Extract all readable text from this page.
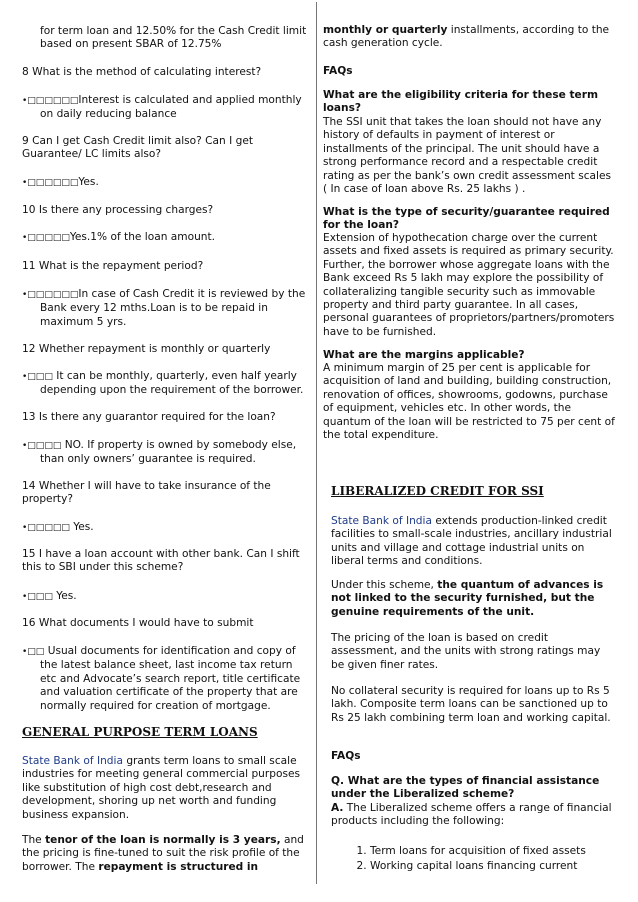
for term loan and 12.50% for the Cash Credit limit based on present SBAR of 12.75%

8 What is the method of calculating interest?

•□□□□□□Interest is calculated and applied monthly on daily reducing balance

9 Can I get Cash Credit limit also? Can I get Guarantee/ LC limits also?

•□□□□□□Yes.

10 Is there any processing charges?

•□□□□□Yes.1% of the loan amount.

11 What is the repayment period?

•□□□□□□In case of Cash Credit it is reviewed by the Bank every 12 mths.Loan is to be repaid in maximum 5 yrs.

12 Whether repayment is monthly or quarterly

•□□□ It can be monthly, quarterly, even half yearly depending upon the requirement of the borrower.

13 Is there any guarantor required for the loan?

•□□□□ NO. If property is owned by somebody else, than only owners’ guarantee is required.

14 Whether I will have to take insurance of the property?

•□□□□□ Yes.

15 I have a loan account with other bank. Can I shift this to SBI under this scheme?

•□□□ Yes.

16 What documents I would have to submit

•□□ Usual documents for identification and copy of the latest balance sheet, last income tax return etc and Advocate’s search report, title certificate and valuation certificate of the property that are normally required for creation of mortgage.

GENERAL PURPOSE TERM LOANS

State Bank of India grants term loans to small scale industries for meeting general commercial purposes like substitution of high cost debt,research and development, shoring up net worth and funding business expansion.

The tenor of the loan is normally is 3 years, and the pricing is fine-tuned to suit the risk profile of the borrower. The repayment is structured in

monthly or quarterly installments, according to the cash generation cycle.

FAQs

What are the eligibility criteria for these term loans?

The SSI unit that takes the loan should not have any history of defaults in payment of interest or installments of the principal. The unit should have a strong performance record and a respectable credit rating as per the bank’s own credit assessment scales ( In case of loan above Rs. 25 lakhs ) .

What is the type of security/guarantee required for the loan?

Extension of hypothecation charge over the current assets and fixed assets is required as primary security. Further, the borrower whose aggregate loans with the Bank exceed Rs 5 lakh may explore the possibility of collateralizing tangible security such as immovable property and third party guarantee. In all cases, personal guarantees of proprietors/partners/promoters have to be furnished.

What are the margins applicable?

A minimum margin of 25 per cent is applicable for acquisition of land and building, building construction, renovation of offices, showrooms, godowns, purchase of equipment, vehicles etc. In other words, the quantum of the loan will be restricted to 75 per cent of the total expenditure.

LIBERALIZED CREDIT FOR SSI

State Bank of India extends production-linked credit facilities to small-scale industries, ancillary industrial units and village and cottage industrial units on liberal terms and conditions.

Under this scheme, the quantum of advances is not linked to the security furnished, but the genuine requirements of the unit.

The pricing of the loan is based on credit assessment, and the units with strong ratings may be given finer rates.

No collateral security is required for loans up to Rs 5 lakh. Composite term loans can be sanctioned up to Rs 25 lakh combining term loan and working capital.

FAQs

Q. What are the types of financial assistance under the Liberalized scheme?

A. The Liberalized scheme offers a range of financial products including the following:

1. Term loans for acquisition of fixed assets
2. Working capital loans financing current
